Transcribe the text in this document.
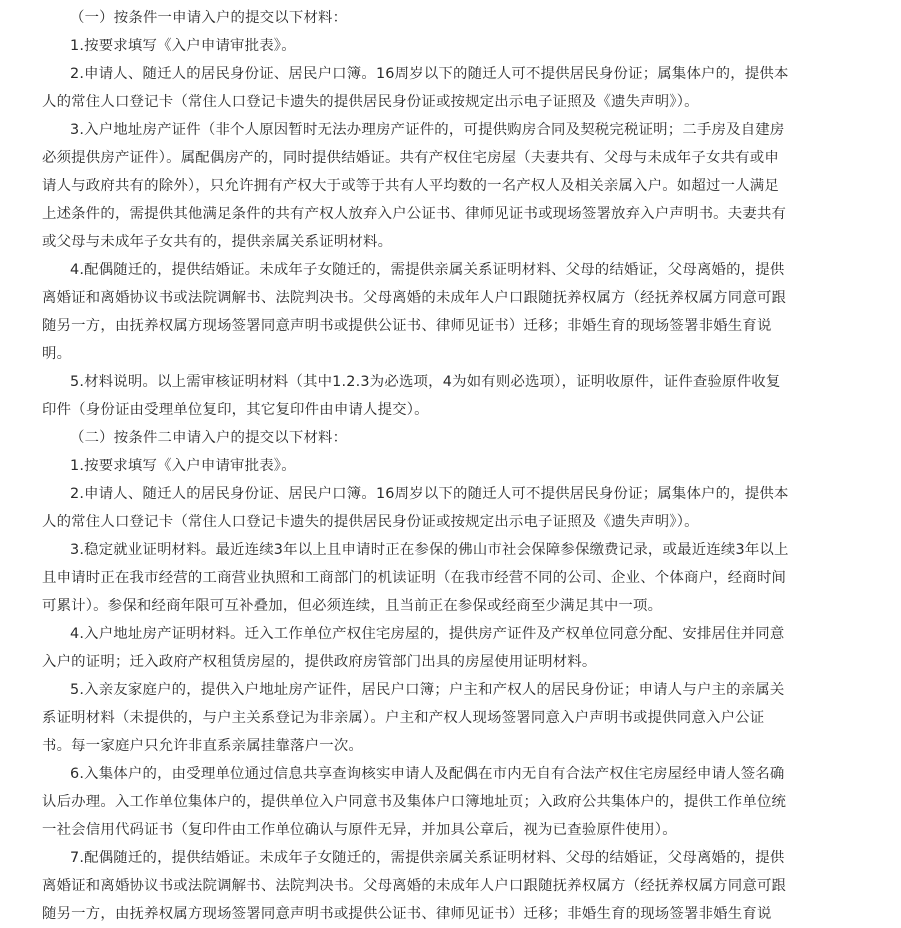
（一）按条件一申请入户的提交以下材料：
1.按要求填写《入户申请审批表》。
2.申请人、随迁人的居民身份证、居民户口簿。16周岁以下的随迁人可不提供居民身份证；属集体户的，提供本
人的常住人口登记卡（常住人口登记卡遗失的提供居民身份证或按规定出示电子证照及《遗失声明》）。
3.入户地址房产证件（非个人原因暂时无法办理房产证件的，可提供购房合同及契税完税证明；二手房及自建房
必须提供房产证件）。属配偶房产的，同时提供结婚证。共有产权住宅房屋（夫妻共有、父母与未成年子女共有或申
请人与政府共有的除外），只允许拥有产权大于或等于共有人平均数的一名产权人及相关亲属入户。如超过一人满足
上述条件的，需提供其他满足条件的共有产权人放弃入户公证书、律师见证书或现场签署放弃入户声明书。夫妻共有
或父母与未成年子女共有的，提供亲属关系证明材料。
4.配偶随迁的，提供结婚证。未成年子女随迁的，需提供亲属关系证明材料、父母的结婚证，父母离婚的，提供
离婚证和离婚协议书或法院调解书、法院判决书。父母离婚的未成年人户口跟随抚养权属方（经抚养权属方同意可跟
随另一方，由抚养权属方现场签署同意声明书或提供公证书、律师见证书）迁移；非婚生育的现场签署非婚生育说
明。
5.材料说明。以上需审核证明材料（其中1.2.3为必选项，4为如有则必选项），证明收原件，证件查验原件收复
印件（身份证由受理单位复印，其它复印件由申请人提交）。
（二）按条件二申请入户的提交以下材料：
1.按要求填写《入户申请审批表》。
2.申请人、随迁人的居民身份证、居民户口簿。16周岁以下的随迁人可不提供居民身份证；属集体户的，提供本
人的常住人口登记卡（常住人口登记卡遗失的提供居民身份证或按规定出示电子证照及《遗失声明》）。
3.稳定就业证明材料。最近连续3年以上且申请时正在参保的佛山市社会保障参保缴费记录，或最近连续3年以上
且申请时正在我市经营的工商营业执照和工商部门的机读证明（在我市经营不同的公司、企业、个体商户，经商时间
可累计）。参保和经商年限可互补叠加，但必须连续，且当前正在参保或经商至少满足其中一项。
4.入户地址房产证明材料。迁入工作单位产权住宅房屋的，提供房产证件及产权单位同意分配、安排居住并同意
入户的证明；迁入政府产权租赁房屋的，提供政府房管部门出具的房屋使用证明材料。
5.入亲友家庭户的，提供入户地址房产证件，居民户口簿；户主和产权人的居民身份证；申请人与户主的亲属关
系证明材料（未提供的，与户主关系登记为非亲属）。户主和产权人现场签署同意入户声明书或提供同意入户公证
书。每一家庭户只允许非直系亲属挂靠落户一次。
6.入集体户的，由受理单位通过信息共享查询核实申请人及配偶在市内无自有合法产权住宅房屋经申请人签名确
认后办理。入工作单位集体户的，提供单位入户同意书及集体户口簿地址页；入政府公共集体户的，提供工作单位统
一社会信用代码证书（复印件由工作单位确认与原件无异，并加具公章后，视为已查验原件使用）。
7.配偶随迁的，提供结婚证。未成年子女随迁的，需提供亲属关系证明材料、父母的结婚证，父母离婚的，提供
离婚证和离婚协议书或法院调解书、法院判决书。父母离婚的未成年人户口跟随抚养权属方（经抚养权属方同意可跟
随另一方，由抚养权属方现场签署同意声明书或提供公证书、律师见证书）迁移；非婚生育的现场签署非婚生育说
